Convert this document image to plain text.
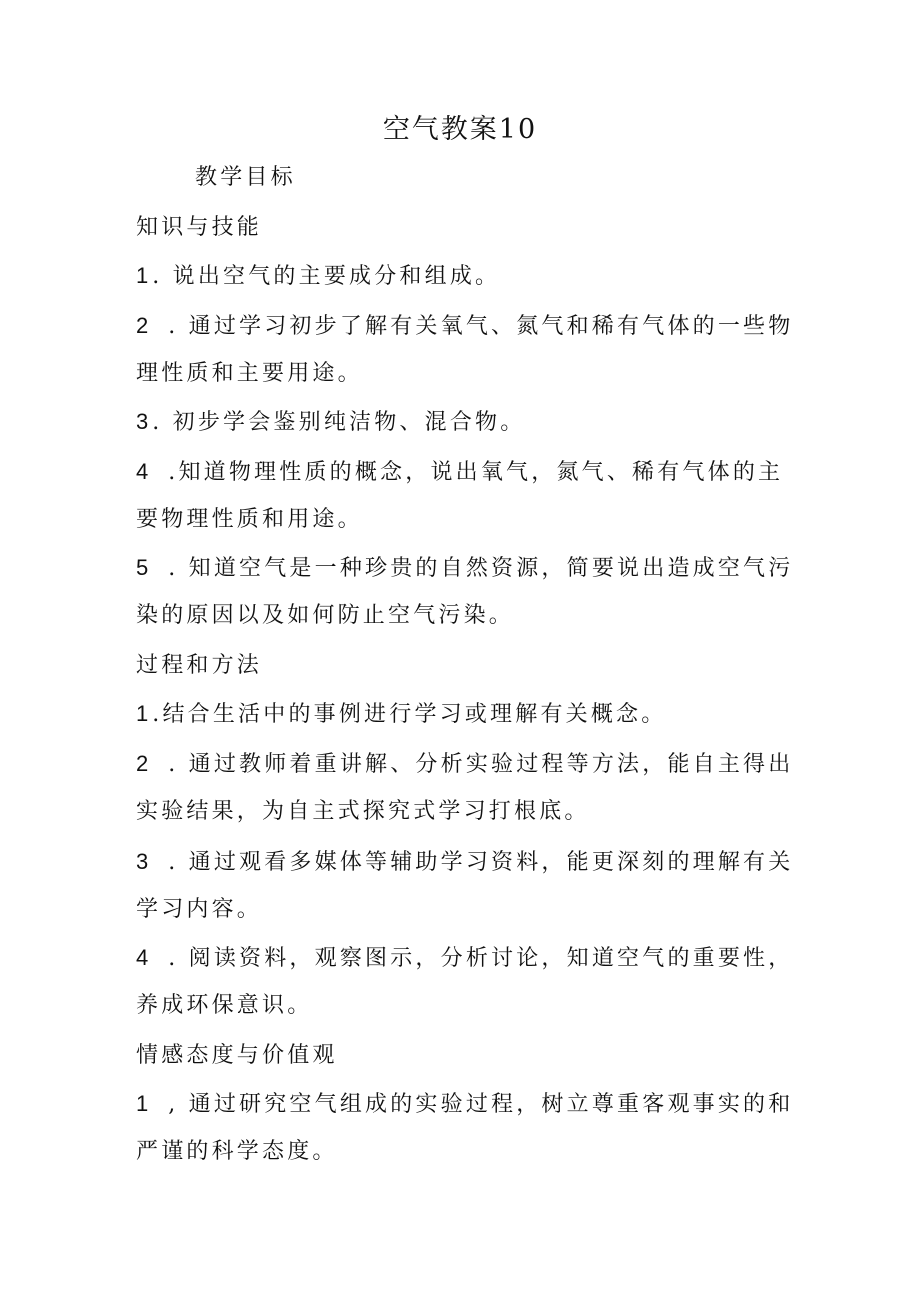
空气教案10
教学目标
知识与技能
1 . 说出空气的主要成分和组成。
2 . 通过学习初步了解有关氧气、氮气和稀有气体的一些物
理性质和主要用途。
3 . 初步学会鉴别纯洁物、混合物。
4 .知道物理性质的概念，说出氧气，氮气、稀有气体的主
要物理性质和用途。
5 . 知道空气是一种珍贵的自然资源，简要说出造成空气污
染的原因以及如何防止空气污染。
过程和方法
1 .结合生活中的事例进行学习或理解有关概念。
2 . 通过教师着重讲解、分析实验过程等方法，能自主得出
实验结果，为自主式探究式学习打根底。
3 . 通过观看多媒体等辅助学习资料，能更深刻的理解有关
学习内容。
4 . 阅读资料，观察图示，分析讨论，知道空气的重要性，
养成环保意识。
情感态度与价值观
1 , 通过研究空气组成的实验过程，树立尊重客观事实的和
严谨的科学态度。
